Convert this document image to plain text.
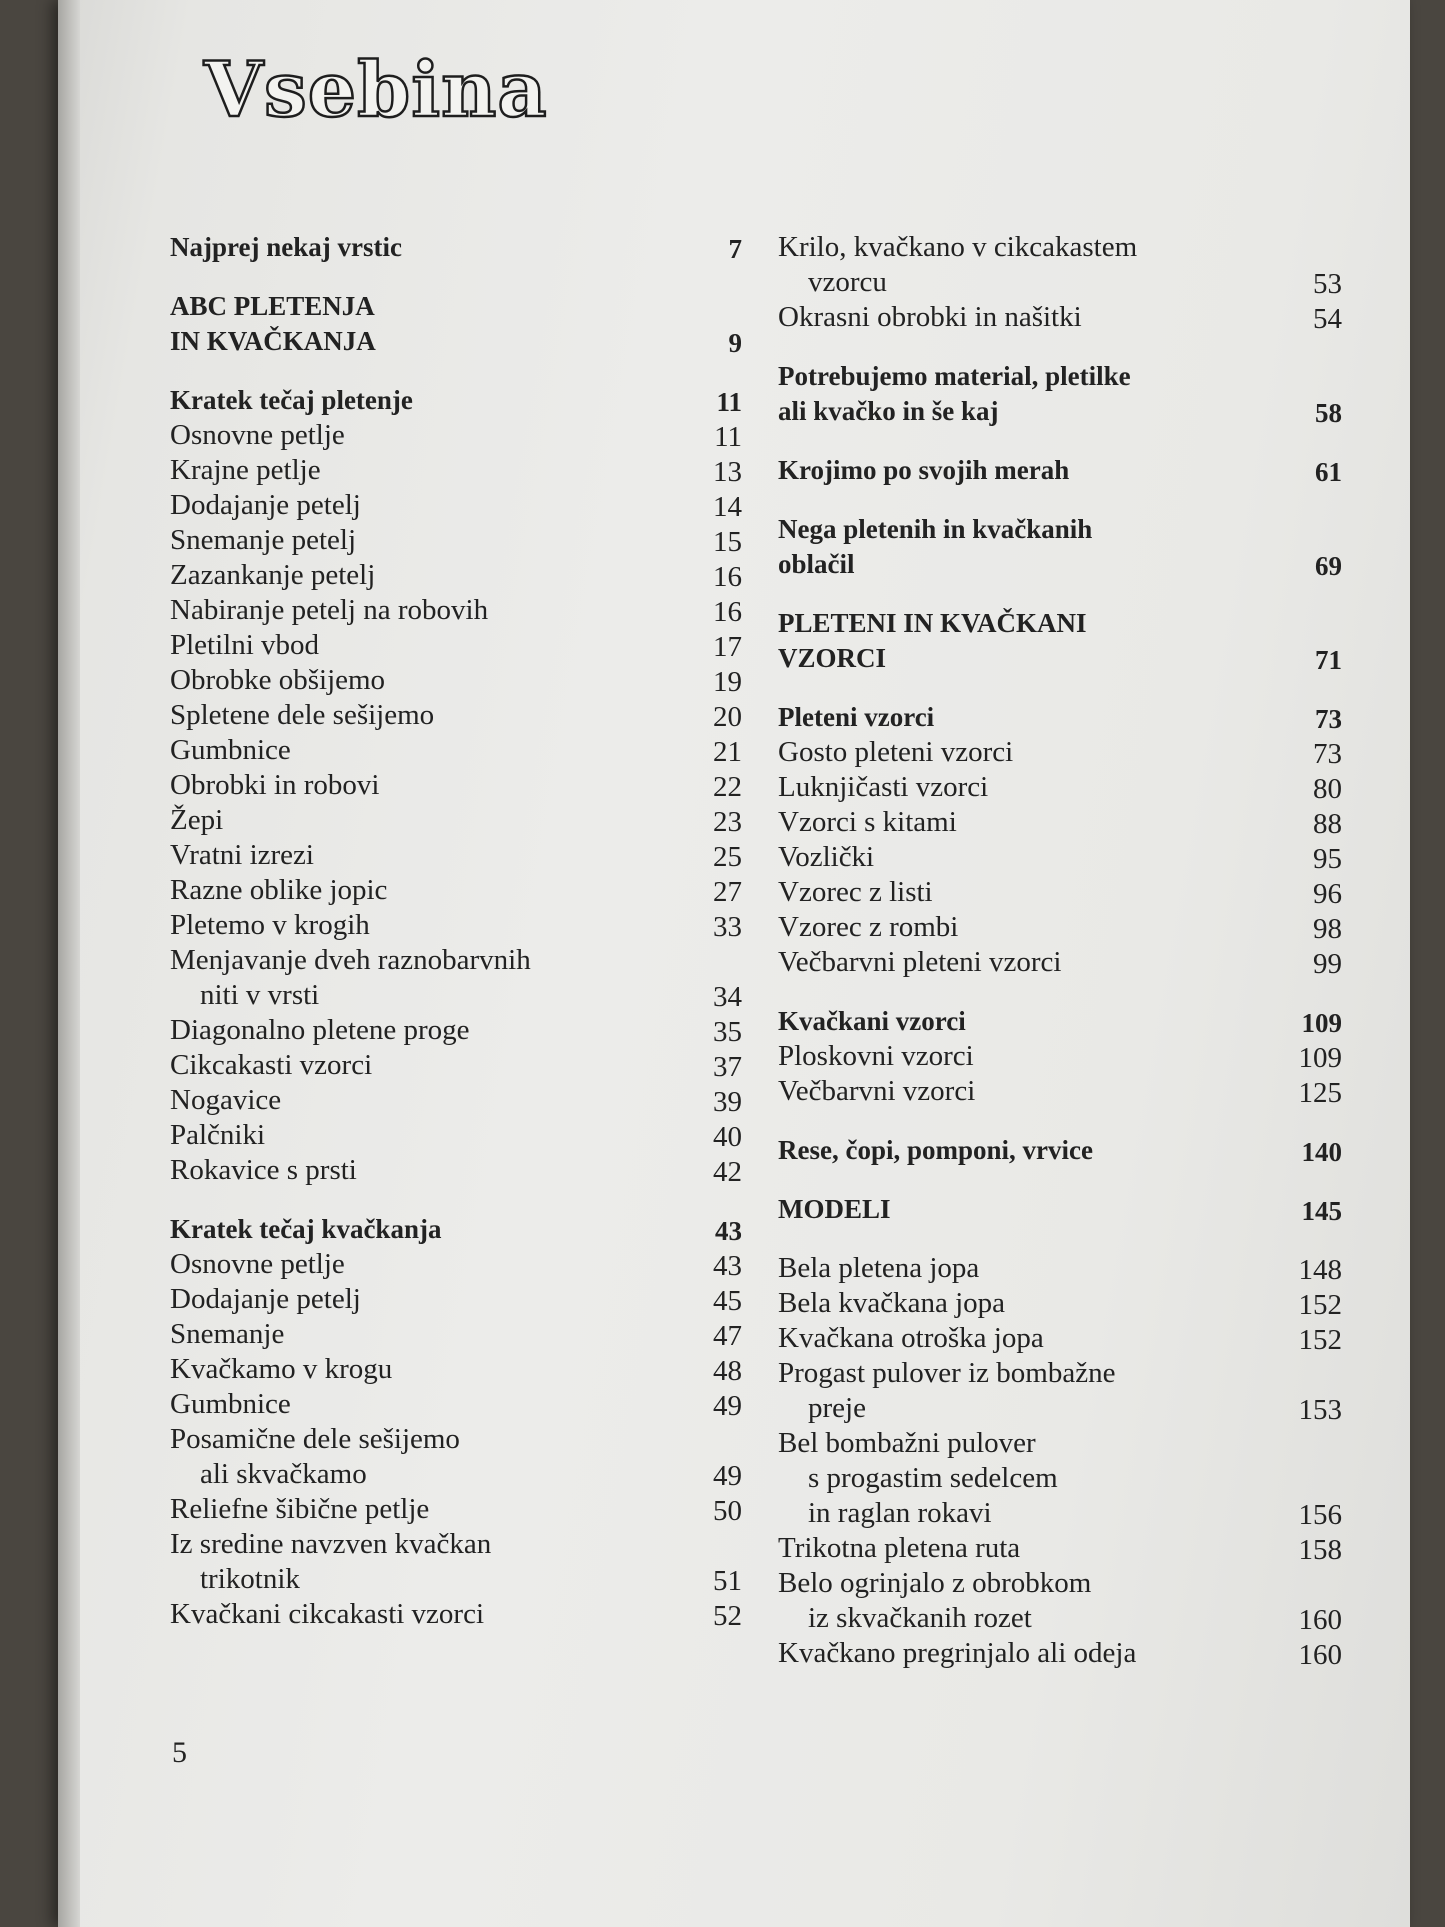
Vsebina
Najprej nekaj vrstic	7
ABC PLETENJA
IN KVAČKANJA	9
Kratek tečaj pletenje	11
Osnovne petlje	11
Krajne petlje	13
Dodajanje petelj	14
Snemanje petelj	15
Zazankanje petelj	16
Nabiranje petelj na robovih	16
Pletilni vbod	17
Obrobke obšijemo	19
Spletene dele sešijemo	20
Gumbnice	21
Obrobki in robovi	22
Žepi	23
Vratni izrezi	25
Razne oblike jopic	27
Pletemo v krogih	33
Menjavanje dveh raznobarvnih
niti v vrsti	34
Diagonalno pletene proge	35
Cikcakasti vzorci	37
Nogavice	39
Palčniki	40
Rokavice s prsti	42
Kratek tečaj kvačkanja	43
Osnovne petlje	43
Dodajanje petelj	45
Snemanje	47
Kvačkamo v krogu	48
Gumbnice	49
Posamične dele sešijemo
ali skvačkamo	49
Reliefne šibične petlje	50
Iz sredine navzven kvačkan
trikotnik	51
Kvačkani cikcakasti vzorci	52
Krilo, kvačkano v cikcakastem
vzorcu	53
Okrasni obrobki in našitki	54
Potrebujemo material, pletilke
ali kvačko in še kaj	58
Krojimo po svojih merah	61
Nega pletenih in kvačkanih
oblačil	69
PLETENI IN KVAČKANI
VZORCI	71
Pleteni vzorci	73
Gosto pleteni vzorci	73
Luknjičasti vzorci	80
Vzorci s kitami	88
Vozlički	95
Vzorec z listi	96
Vzorec z rombi	98
Večbarvni pleteni vzorci	99
Kvačkani vzorci	109
Ploskovni vzorci	109
Večbarvni vzorci	125
Rese, čopi, pomponi, vrvice	140
MODELI	145
Bela pletena jopa	148
Bela kvačkana jopa	152
Kvačkana otroška jopa	152
Progast pulover iz bombažne
preje	153
Bel bombažni pulover
s progastim sedelcem
in raglan rokavi	156
Trikotna pletena ruta	158
Belo ogrinjalo z obrobkom
iz skvačkanih rozet	160
Kvačkano pregrinjalo ali odeja	160
5
